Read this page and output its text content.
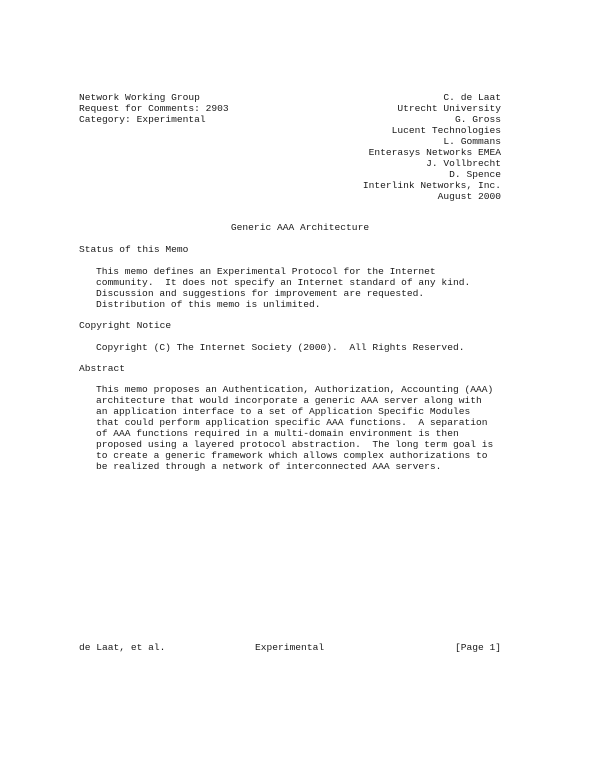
Network Working Group
Request for Comments: 2903
Category: Experimental
C. de Laat
Utrecht University
G. Gross
Lucent Technologies
L. Gommans
Enterasys Networks EMEA
J. Vollbrecht
D. Spence
Interlink Networks, Inc.
August 2000
Generic AAA Architecture
Status of this Memo
This memo defines an Experimental Protocol for the Internet
community.  It does not specify an Internet standard of any kind.
Discussion and suggestions for improvement are requested.
Distribution of this memo is unlimited.
Copyright Notice
Copyright (C) The Internet Society (2000).  All Rights Reserved.
Abstract
This memo proposes an Authentication, Authorization, Accounting (AAA)
architecture that would incorporate a generic AAA server along with
an application interface to a set of Application Specific Modules
that could perform application specific AAA functions.  A separation
of AAA functions required in a multi-domain environment is then
proposed using a layered protocol abstraction.  The long term goal is
to create a generic framework which allows complex authorizations to
be realized through a network of interconnected AAA servers.
de Laat, et al.	Experimental	[Page 1]
